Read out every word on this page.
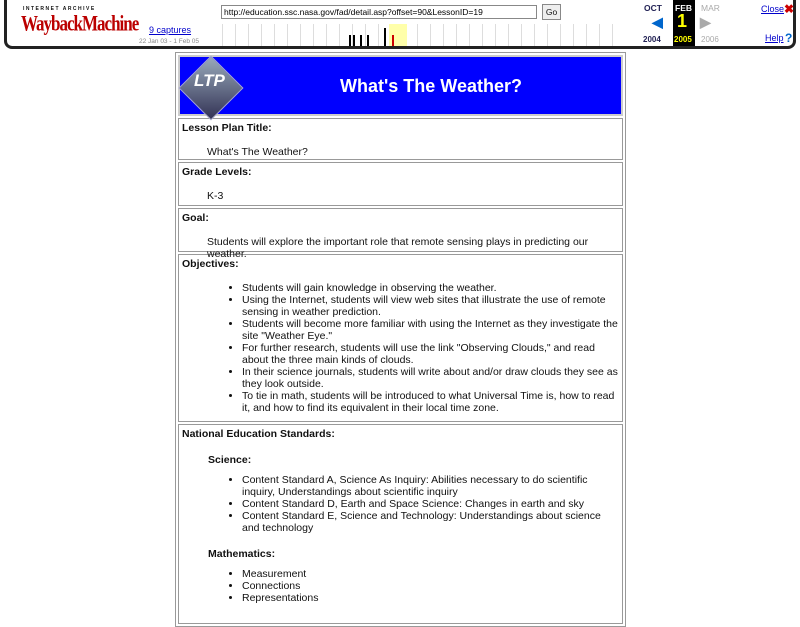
INTERNET ARCHIVE
WaybackMachine 9 captures
22 Jan 03 - 1 Feb 05
http://education.ssc.nasa.gov/fad/detail.asp?offset=90&LessonID=19
Go	OCT FEB
1
2005
MAR
◀	▶
2004	2006
Close ✖
Help ?
LTP	What's The Weather?
Lesson Plan Title:
What's The Weather?
Grade Levels:
K-3
Goal:
Students will explore the important role that remote sensing plays in predicting our weather.
Objectives:
• Students will gain knowledge in observing the weather.
• Using the Internet, students will view web sites that illustrate the use of remote sensing in weather prediction.
• Students will become more familiar with using the Internet as they investigate the site "Weather Eye."
• For further research, students will use the link "Observing Clouds," and read about the three main kinds of clouds.
• In their science journals, students will write about and/or draw clouds they see as they look outside.
• To tie in math, students will be introduced to what Universal Time is, how to read it, and how to find its equivalent in their local time zone.
National Education Standards:
Science:
• Content Standard A, Science As Inquiry: Abilities necessary to do scientific inquiry, Understandings about scientific inquiry
• Content Standard D, Earth and Space Science: Changes in earth and sky
• Content Standard E, Science and Technology: Understandings about science and technology
Mathematics:
• Measurement
• Connections
• Representations
